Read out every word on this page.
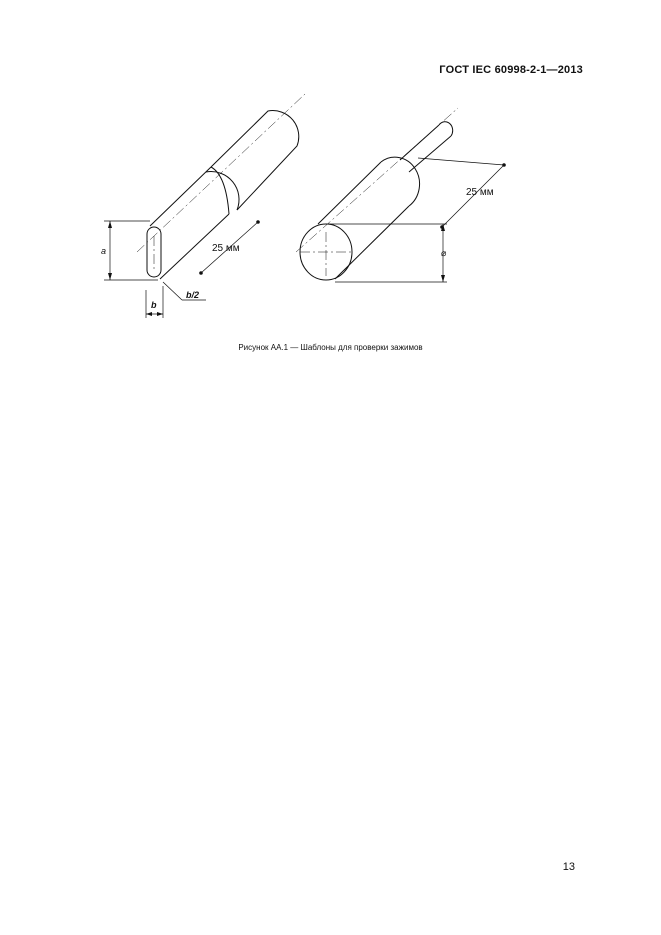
ГОСТ IEC 60998-2-1—2013
a
b
b/2
25 мм
25 мм
⌀
Рисунок АА.1 — Шаблоны для проверки зажимов
13
